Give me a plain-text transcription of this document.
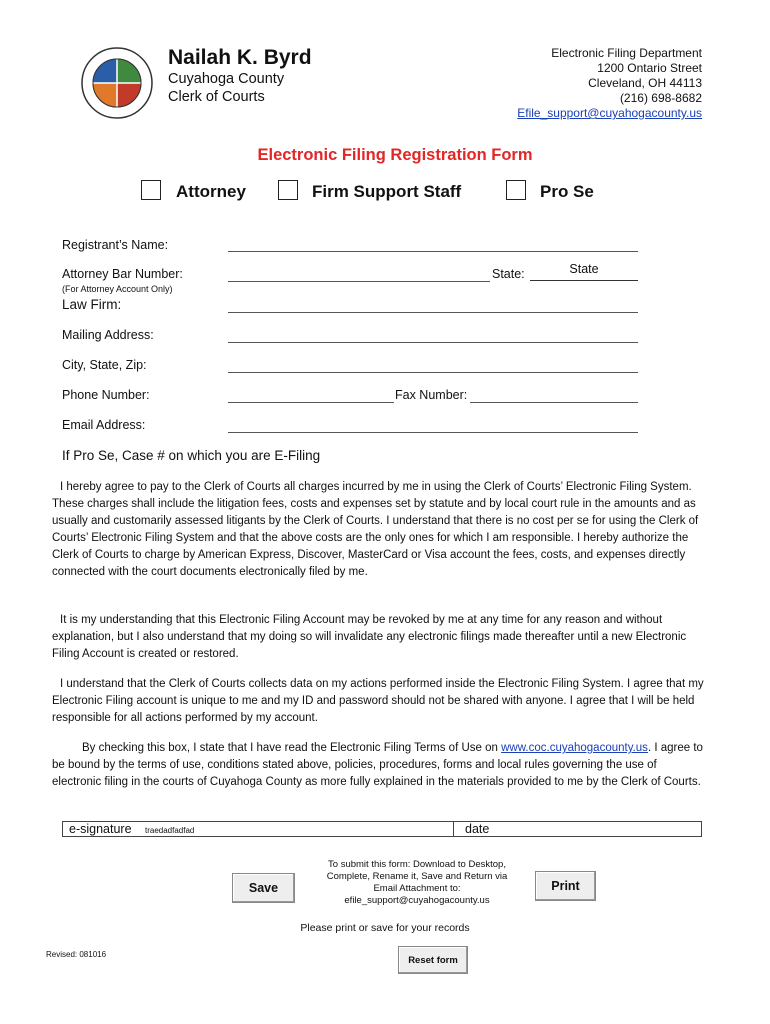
Nailah K. Byrd
Cuyahoga County
Clerk of Courts
Electronic Filing Department
1200 Ontario Street
Cleveland, OH 44113
(216) 698-8682
Efile_support@cuyahogacounty.us
Electronic Filing Registration Form
Attorney	Firm Support Staff	Pro Se
Registrant’s Name:
Attorney Bar Number:
(For Attorney Account Only)
State:	State
Law Firm:
Mailing Address:
City, State, Zip:
Phone Number:	Fax Number:
Email Address:
If Pro Se, Case # on which you are E-Filing
I hereby agree to pay to the Clerk of Courts all charges incurred by me in using the Clerk of Courts’ Electronic Filing System. These charges shall include the litigation fees, costs and expenses set by statute and by local court rule in the amounts and as usually and customarily assessed litigants by the Clerk of Courts. I understand that there is no cost per se for using the Clerk of Courts’ Electronic Filing System and that the above costs are the only ones for which I am responsible. I hereby authorize the Clerk of Courts to charge by American Express, Discover, MasterCard or Visa account the fees, costs, and expenses directly connected with the court documents electronically filed by me.
It is my understanding that this Electronic Filing Account may be revoked by me at any time for any reason and without explanation, but I also understand that my doing so will invalidate any electronic filings made thereafter until a new Electronic Filing Account is created or restored.
I understand that the Clerk of Courts collects data on my actions performed inside the Electronic Filing System. I agree that my Electronic Filing account is unique to me and my ID and password should not be shared with anyone. I agree that I will be held responsible for all actions performed by my account.
By checking this box, I state that I have read the Electronic Filing Terms of Use on www.coc.cuyahogacounty.us. I agree to be bound by the terms of use, conditions stated above, policies, procedures, forms and local rules governing the use of electronic filing in the courts of Cuyahoga County as more fully explained in the materials provided to me by the Clerk of Courts.
e-signature traedadfadfad	date
Save
To submit this form: Download to Desktop,
Complete, Rename it, Save and Return via
Email Attachment to:
efile_support@cuyahogacounty.us
Print
Please print or save for your records
Revised: 081016	Reset form
